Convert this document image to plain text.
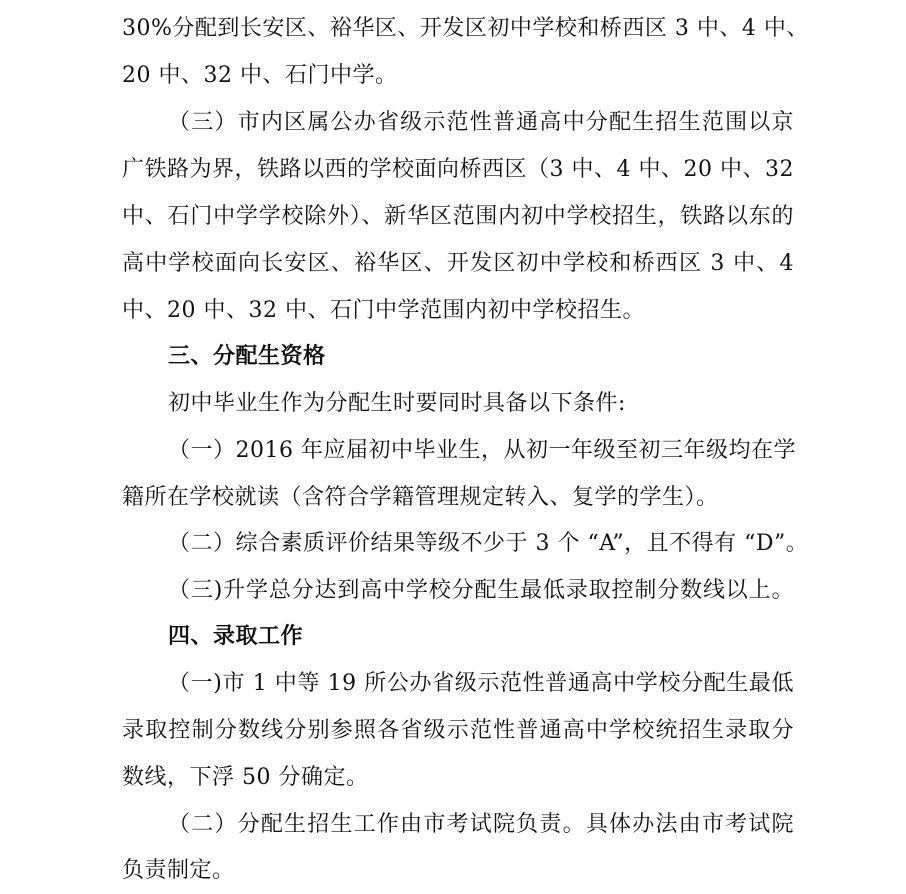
30%分配到长安区、裕华区、开发区初中学校和桥西区 3 中、4 中、
20 中、32 中、石门中学。
（三）市内区属公办省级示范性普通高中分配生招生范围以京
广铁路为界，铁路以西的学校面向桥西区（3 中、4 中、20 中、32
中、石门中学学校除外）、新华区范围内初中学校招生，铁路以东的
高中学校面向长安区、裕华区、开发区初中学校和桥西区 3 中、4
中、20 中、32 中、石门中学范围内初中学校招生。
三、分配生资格
初中毕业生作为分配生时要同时具备以下条件:
（一）2016 年应届初中毕业生，从初一年级至初三年级均在学
籍所在学校就读（含符合学籍管理规定转入、复学的学生）。
（二）综合素质评价结果等级不少于 3 个 “A”，且不得有 “D”。
（三)升学总分达到高中学校分配生最低录取控制分数线以上。
四、录取工作
（一)市 1 中等 19 所公办省级示范性普通高中学校分配生最低
录取控制分数线分别参照各省级示范性普通高中学校统招生录取分
数线，下浮 50 分确定。
（二）分配生招生工作由市考试院负责。具体办法由市考试院
负责制定。
